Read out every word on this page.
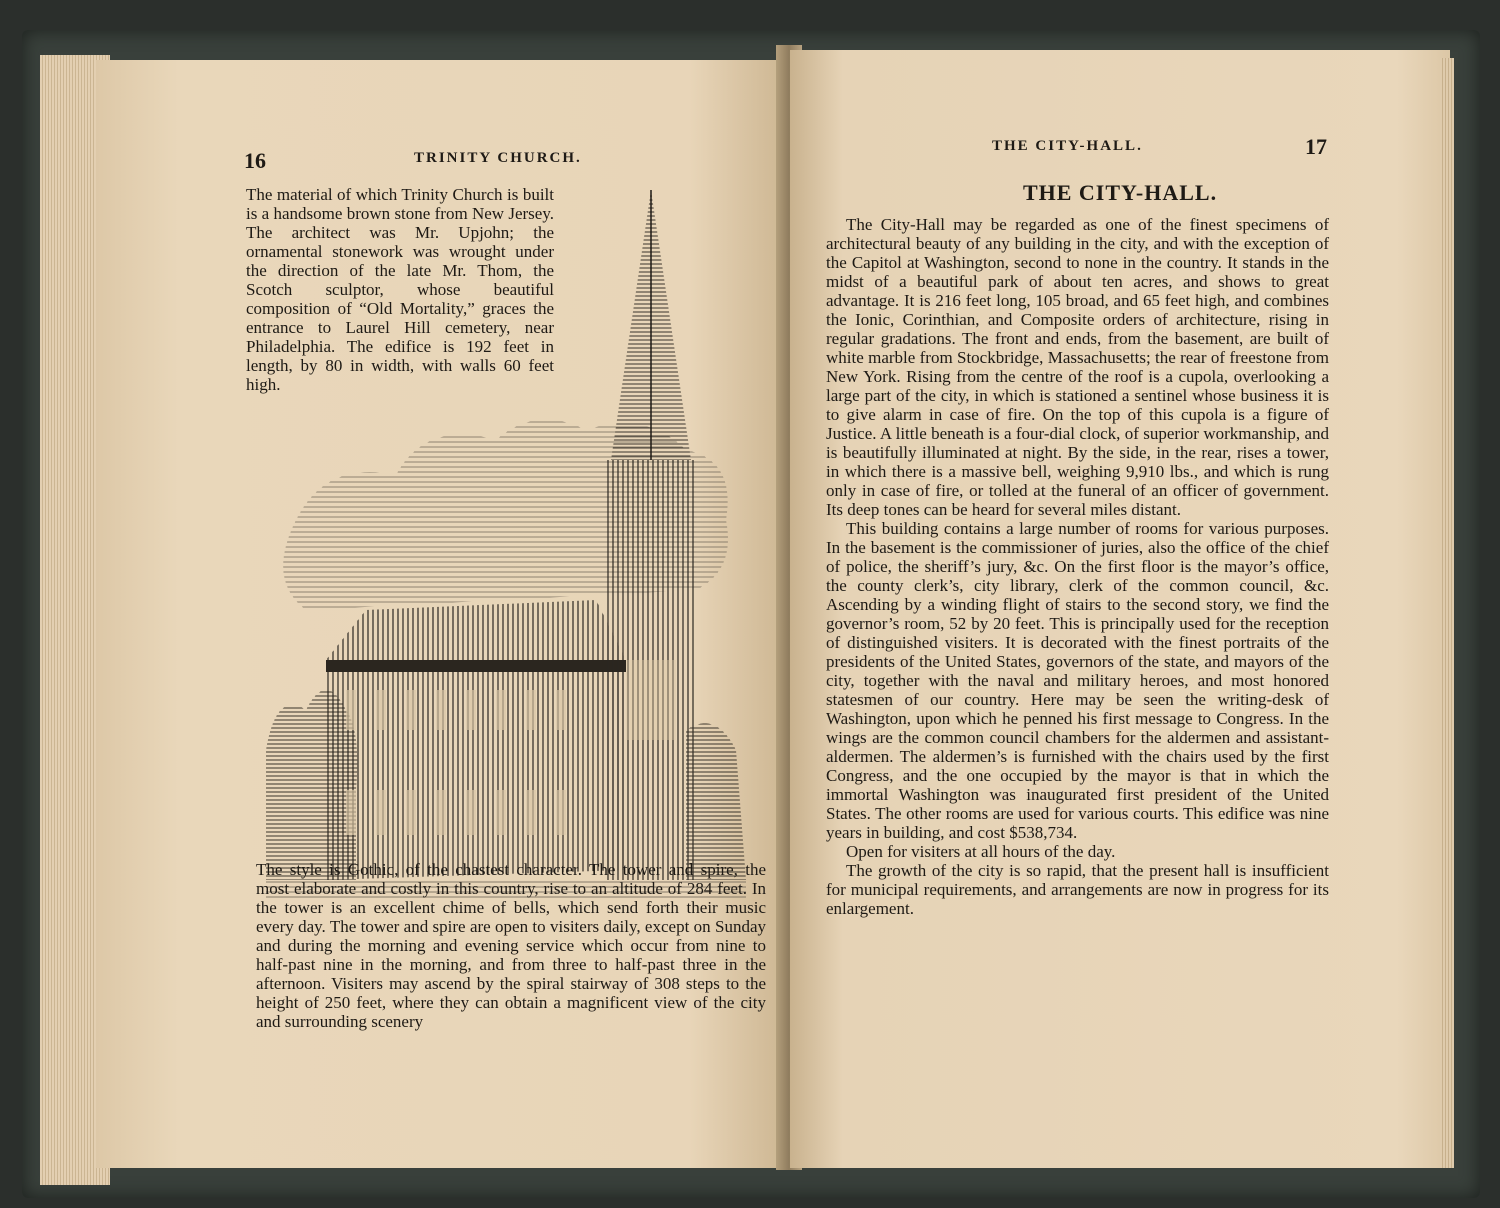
16	TRINITY CHURCH.

The material of which Trinity Church is built is a handsome brown stone from New Jersey. The architect was Mr. Upjohn; the ornamental stonework was wrought under the direction of the late Mr. Thom, the Scotch sculptor, whose beautiful composition of “Old Mortality,” graces the entrance to Laurel Hill cemetery, near Philadelphia. The edifice is 192 feet in length, by 80 in width, with walls 60 feet high.

The style is Gothic, of the chastest character. The tower and spire, the most elaborate and costly in this country, rise to an altitude of 284 feet. In the tower is an excellent chime of bells, which send forth their music every day. The tower and spire are open to visiters daily, except on Sunday and during the morning and evening service which occur from nine to half-past nine in the morning, and from three to half-past three in the afternoon. Visiters may ascend by the spiral stairway of 308 steps to the height of 250 feet, where they can obtain a magnificent view of the city and surrounding scenery

THE CITY-HALL.	17
THE CITY-HALL.

The City-Hall may be regarded as one of the finest specimens of architectural beauty of any building in the city, and with the exception of the Capitol at Washington, second to none in the country. It stands in the midst of a beautiful park of about ten acres, and shows to great advantage. It is 216 feet long, 105 broad, and 65 feet high, and combines the Ionic, Corinthian, and Composite orders of architecture, rising in regular gradations. The front and ends, from the basement, are built of white marble from Stockbridge, Massachusetts; the rear of freestone from New York. Rising from the centre of the roof is a cupola, overlooking a large part of the city, in which is stationed a sentinel whose business it is to give alarm in case of fire. On the top of this cupola is a figure of Justice. A little beneath is a four-dial clock, of superior workmanship, and is beautifully illuminated at night. By the side, in the rear, rises a tower, in which there is a massive bell, weighing 9,910 lbs., and which is rung only in case of fire, or tolled at the funeral of an officer of government. Its deep tones can be heard for several miles distant.

This building contains a large number of rooms for various purposes. In the basement is the commissioner of juries, also the office of the chief of police, the sheriff’s jury, &c. On the first floor is the mayor’s office, the county clerk’s, city library, clerk of the common council, &c. Ascending by a winding flight of stairs to the second story, we find the governor’s room, 52 by 20 feet. This is principally used for the reception of distinguished visiters. It is decorated with the finest portraits of the presidents of the United States, governors of the state, and mayors of the city, together with the naval and military heroes, and most honored statesmen of our country. Here may be seen the writing-desk of Washington, upon which he penned his first message to Congress. In the wings are the common council chambers for the aldermen and assistant-aldermen. The aldermen’s is furnished with the chairs used by the first Congress, and the one occupied by the mayor is that in which the immortal Washington was inaugurated first president of the United States. The other rooms are used for various courts. This edifice was nine years in building, and cost $538,734.

Open for visiters at all hours of the day.

The growth of the city is so rapid, that the present hall is insufficient for municipal requirements, and arrangements are now in progress for its enlargement.
